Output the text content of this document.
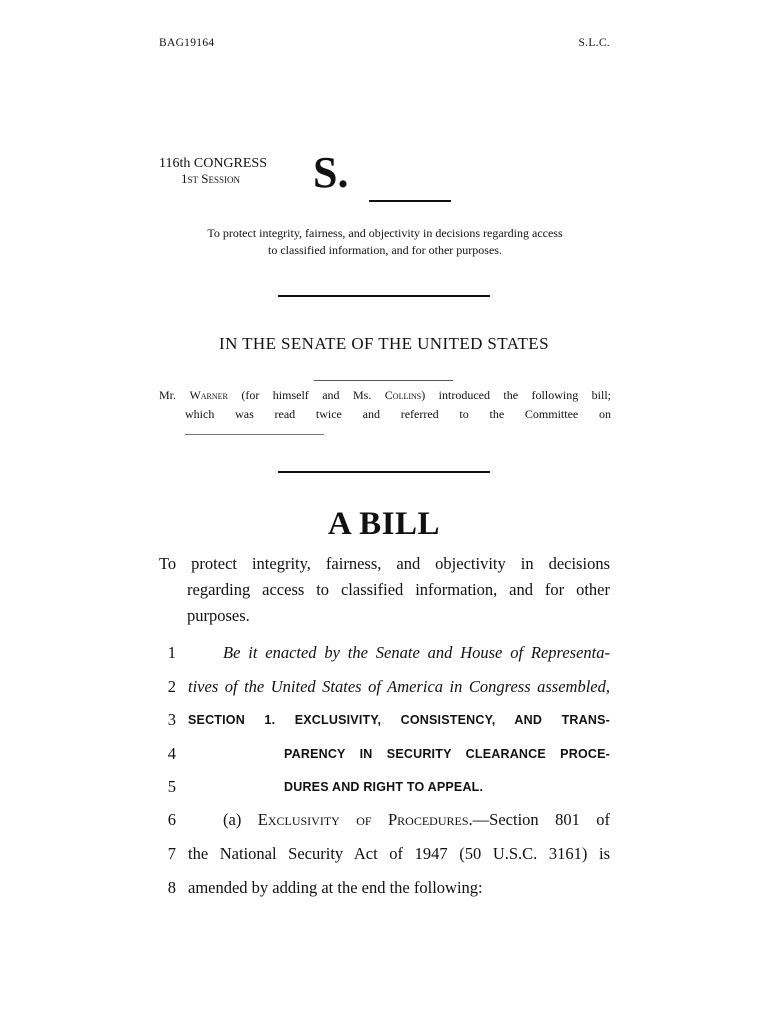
BAG19164	S.L.C.
116th CONGRESS
1st Session S.
To protect integrity, fairness, and objectivity in decisions regarding access
to classified information, and for other purposes.
IN THE SENATE OF THE UNITED STATES
Mr. Warner (for himself and Ms. Collins) introduced the following bill;
which was read twice and referred to the Committee on
A BILL
To protect integrity, fairness, and objectivity in decisions
regarding access to classified information, and for other
purposes.
1	Be it enacted by the Senate and House of Representa-
2 tives of the United States of America in Congress assembled,
3 SECTION 1. EXCLUSIVITY, CONSISTENCY, AND TRANS-
4	PARENCY IN SECURITY CLEARANCE PROCE-
5	DURES AND RIGHT TO APPEAL.
6	(a) Exclusivity of Procedures.—Section 801 of
7 the National Security Act of 1947 (50 U.S.C. 3161) is
8 amended by adding at the end the following:
